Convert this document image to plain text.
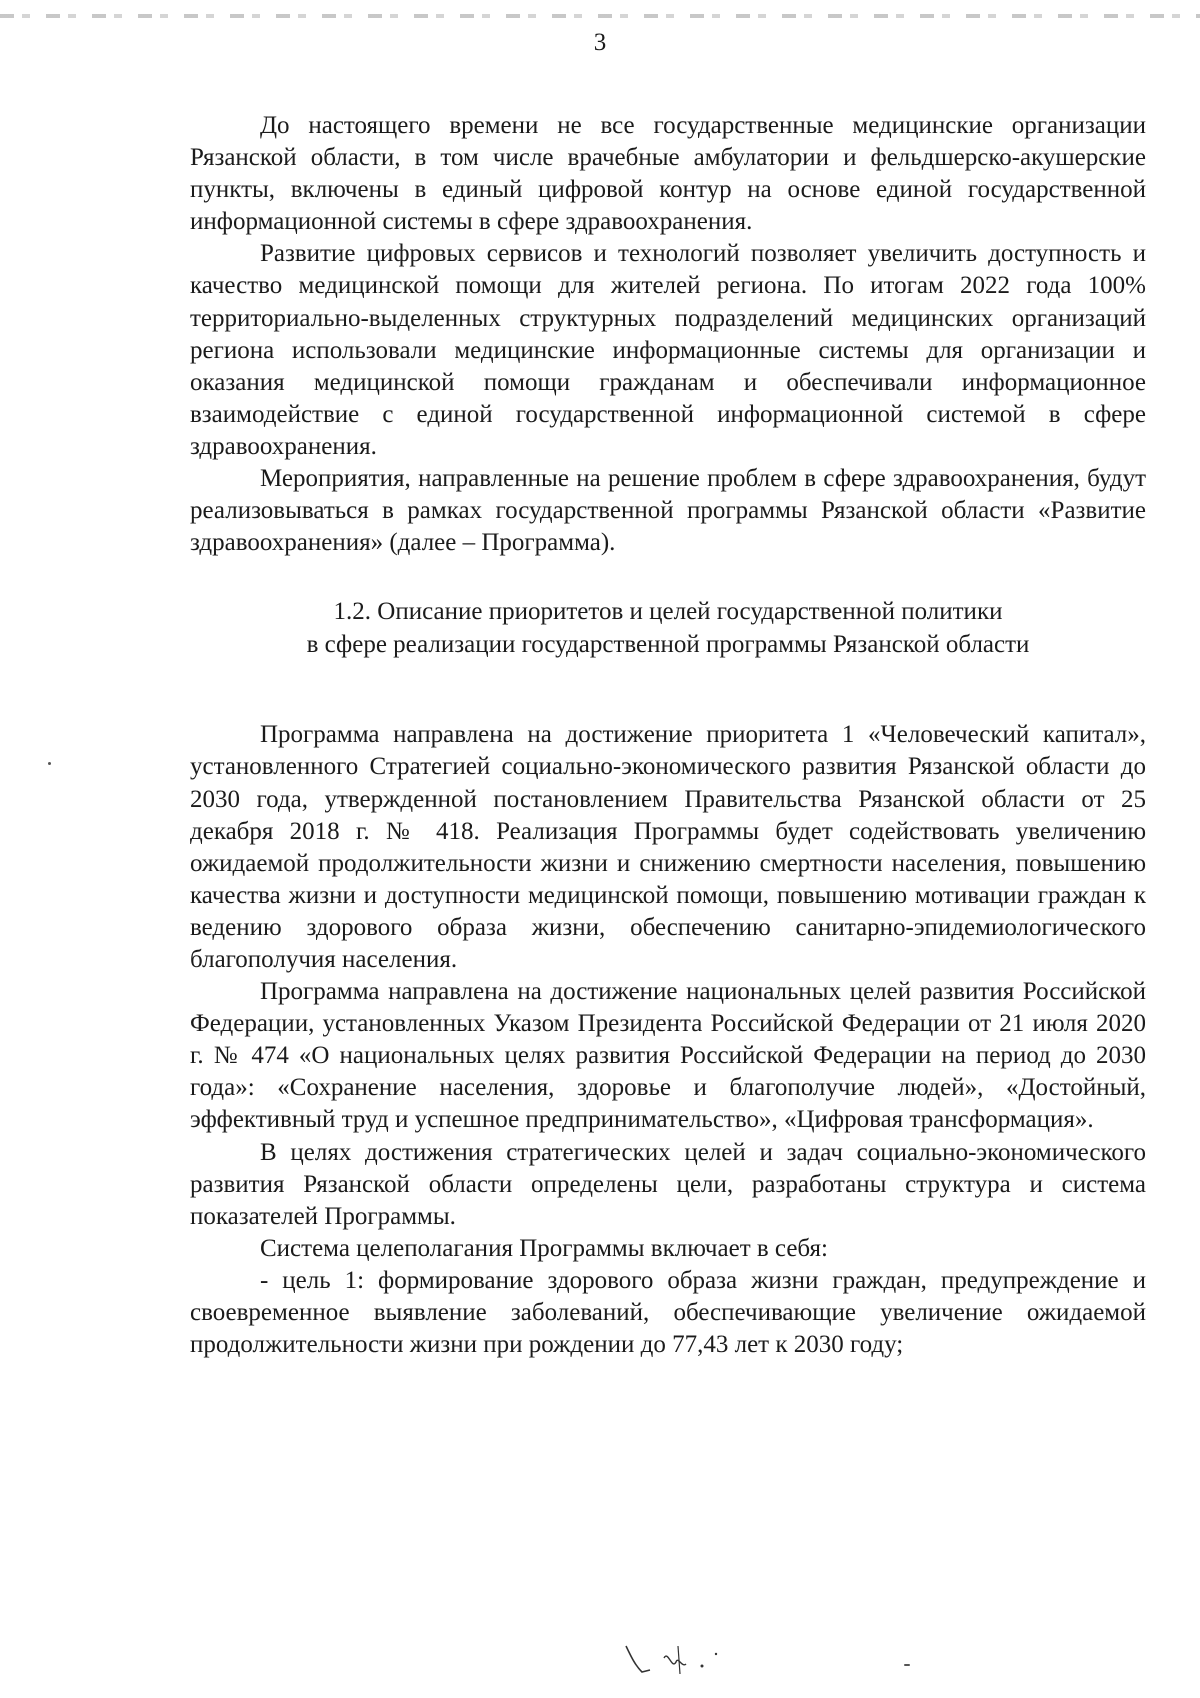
3

До настоящего времени не все государственные медицинские организации Рязанской области, в том числе врачебные амбулатории и фельдшерско-акушерские пункты, включены в единый цифровой контур на основе единой государственной информационной системы в сфере здравоохранения.

Развитие цифровых сервисов и технологий позволяет увеличить доступность и качество медицинской помощи для жителей региона. По итогам 2022 года 100% территориально-выделенных структурных подразделений медицинских организаций региона использовали медицинские информационные системы для организации и оказания медицинской помощи гражданам и обеспечивали информационное взаимодействие с единой государственной информационной системой в сфере здравоохранения.

Мероприятия, направленные на решение проблем в сфере здравоохранения, будут реализовываться в рамках государственной программы Рязанской области «Развитие здравоохранения» (далее – Программа).

1.2. Описание приоритетов и целей государственной политики
в сфере реализации государственной программы Рязанской области

Программа направлена на достижение приоритета 1 «Человеческий капитал», установленного Стратегией социально-экономического развития Рязанской области до 2030 года, утвержденной постановлением Правительства Рязанской области от 25 декабря 2018 г. № 418. Реализация Программы будет содействовать увеличению ожидаемой продолжительности жизни и снижению смертности населения, повышению качества жизни и доступности медицинской помощи, повышению мотивации граждан к ведению здорового образа жизни, обеспечению санитарно-эпидемиологического благополучия населения.

Программа направлена на достижение национальных целей развития Российской Федерации, установленных Указом Президента Российской Федерации от 21 июля 2020 г. № 474 «О национальных целях развития Российской Федерации на период до 2030 года»: «Сохранение населения, здоровье и благополучие людей», «Достойный, эффективный труд и успешное предпринимательство», «Цифровая трансформация».

В целях достижения стратегических целей и задач социально-экономического развития Рязанской области определены цели, разработаны структура и система показателей Программы.

Система целеполагания Программы включает в себя:

- цель 1: формирование здорового образа жизни граждан, предупреждение и своевременное выявление заболеваний, обеспечивающие увеличение ожидаемой продолжительности жизни при рождении до 77,43 лет к 2030 году;
